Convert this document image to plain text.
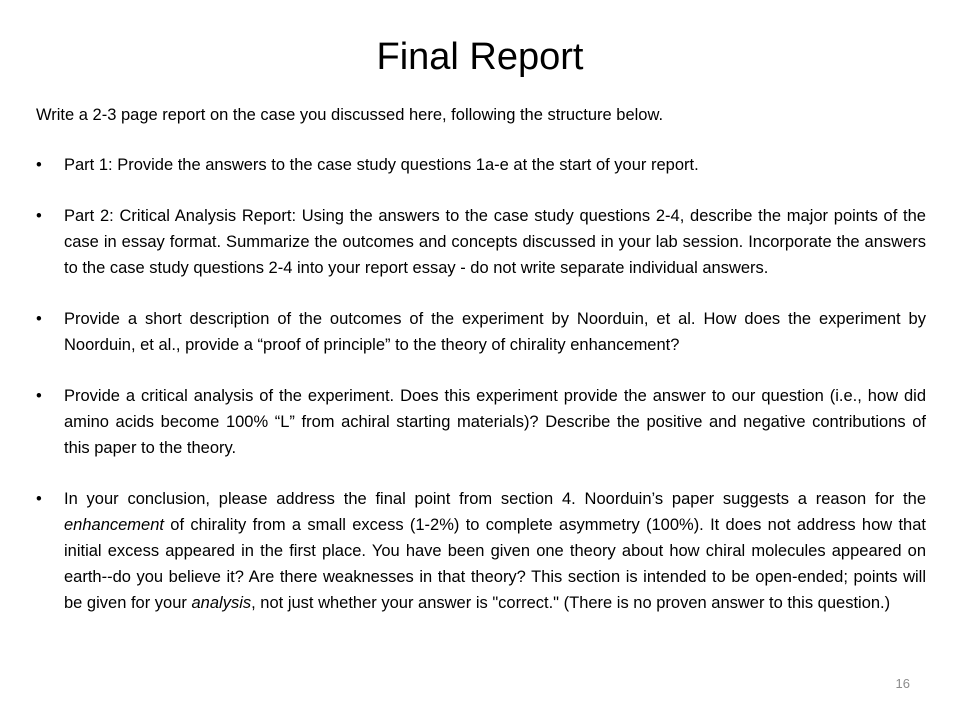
Final Report
Write a 2-3 page report on the case you discussed here, following the structure below.
•	Part 1: Provide the answers to the case study questions 1a-e at the start of your report.
•	Part 2: Critical Analysis Report: Using the answers to the case study questions 2-4, describe the major points of the case in essay format. Summarize the outcomes and concepts discussed in your lab session. Incorporate the answers to the case study questions 2-4 into your report essay - do not write separate individual answers.
•	Provide a short description of the outcomes of the experiment by Noorduin, et al. How does the experiment by Noorduin, et al., provide a “proof of principle” to the theory of chirality enhancement?
•	Provide a critical analysis of the experiment. Does this experiment provide the answer to our question (i.e., how did amino acids become 100% “L” from achiral starting materials)? Describe the positive and negative contributions of this paper to the theory.
•	In your conclusion, please address the final point from section 4. Noorduin’s paper suggests a reason for the enhancement of chirality from a small excess (1-2%) to complete asymmetry (100%). It does not address how that initial excess appeared in the first place. You have been given one theory about how chiral molecules appeared on earth--do you believe it? Are there weaknesses in that theory? This section is intended to be open-ended; points will be given for your analysis, not just whether your answer is "correct." (There is no proven answer to this question.)
16
